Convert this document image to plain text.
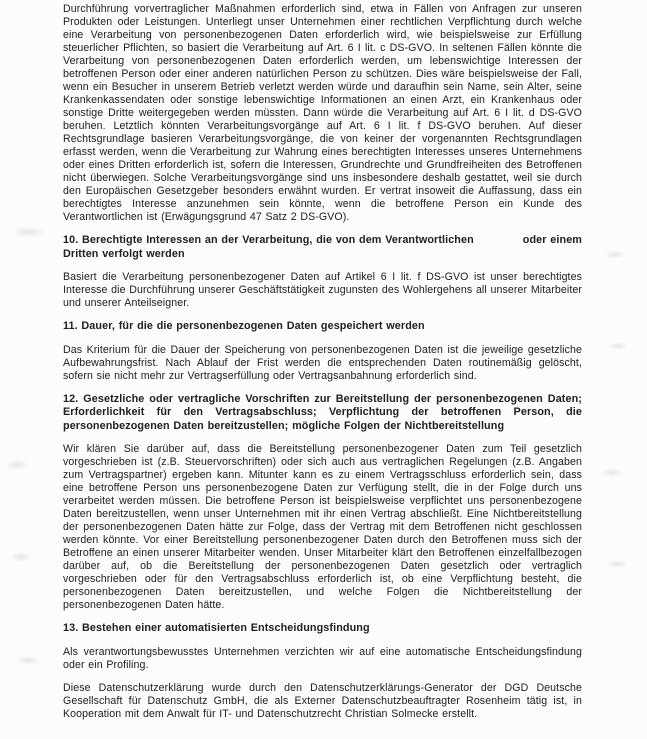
Durchführung vorvertraglicher Maßnahmen erforderlich sind, etwa in Fällen von Anfragen zur unseren Produkten oder Leistungen. Unterliegt unser Unternehmen einer rechtlichen Verpflichtung durch welche eine Verarbeitung von personenbezogenen Daten erforderlich wird, wie beispielsweise zur Erfüllung steuerlicher Pflichten, so basiert die Verarbeitung auf Art. 6 I lit. c DS-GVO. In seltenen Fällen könnte die Verarbeitung von personenbezogenen Daten erforderlich werden, um lebenswichtige Interessen der betroffenen Person oder einer anderen natürlichen Person zu schützen. Dies wäre beispielsweise der Fall, wenn ein Besucher in unserem Betrieb verletzt werden würde und daraufhin sein Name, sein Alter, seine Krankenkassendaten oder sonstige lebenswichtige Informationen an einen Arzt, ein Krankenhaus oder sonstige Dritte weitergegeben werden müssten. Dann würde die Verarbeitung auf Art. 6 I lit. d DS-GVO beruhen. Letztlich könnten Verarbeitungsvorgänge auf Art. 6 I lit. f DS-GVO beruhen. Auf dieser Rechtsgrundlage basieren Verarbeitungsvorgänge, die von keiner der vorgenannten Rechtsgrundlagen erfasst werden, wenn die Verarbeitung zur Wahrung eines berechtigten Interesses unseres Unternehmens oder eines Dritten erforderlich ist, sofern die Interessen, Grundrechte und Grundfreiheiten des Betroffenen nicht überwiegen. Solche Verarbeitungsvorgänge sind uns insbesondere deshalb gestattet, weil sie durch den Europäischen Gesetzgeber besonders erwähnt wurden. Er vertrat insoweit die Auffassung, dass ein berechtigtes Interesse anzunehmen sein könnte, wenn die betroffene Person ein Kunde des Verantwortlichen ist (Erwägungsgrund 47 Satz 2 DS-GVO).

10. Berechtigte Interessen an der Verarbeitung, die von dem Verantwortlichen	oder einem
Dritten verfolgt werden

Basiert die Verarbeitung personenbezogener Daten auf Artikel 6 I lit. f DS-GVO ist unser berechtigtes Interesse die Durchführung unserer Geschäftstätigkeit zugunsten des Wohlergehens all unserer Mitarbeiter und unserer Anteilseigner.

11. Dauer, für die die personenbezogenen Daten gespeichert werden

Das Kriterium für die Dauer der Speicherung von personenbezogenen Daten ist die jeweilige gesetzliche Aufbewahrungsfrist. Nach Ablauf der Frist werden die entsprechenden Daten routinemäßig gelöscht, sofern sie nicht mehr zur Vertragserfüllung oder Vertragsanbahnung erforderlich sind.

12. Gesetzliche oder vertragliche Vorschriften zur Bereitstellung der personenbezogenen Daten; Erforderlichkeit für den Vertragsabschluss; Verpflichtung der betroffenen Person, die personenbezogenen Daten bereitzustellen; mögliche Folgen der Nichtbereitstellung

Wir klären Sie darüber auf, dass die Bereitstellung personenbezogener Daten zum Teil gesetzlich vorgeschrieben ist (z.B. Steuervorschriften) oder sich auch aus vertraglichen Regelungen (z.B. Angaben zum Vertragspartner) ergeben kann. Mitunter kann es zu einem Vertragsschluss erforderlich sein, dass eine betroffene Person uns personenbezogene Daten zur Verfügung stellt, die in der Folge durch uns verarbeitet werden müssen. Die betroffene Person ist beispielsweise verpflichtet uns personenbezogene Daten bereitzustellen, wenn unser Unternehmen mit ihr einen Vertrag abschließt. Eine Nichtbereitstellung der personenbezogenen Daten hätte zur Folge, dass der Vertrag mit dem Betroffenen nicht geschlossen werden könnte. Vor einer Bereitstellung personenbezogener Daten durch den Betroffenen muss sich der Betroffene an einen unserer Mitarbeiter wenden. Unser Mitarbeiter klärt den Betroffenen einzelfallbezogen darüber auf, ob die Bereitstellung der personenbezogenen Daten gesetzlich oder vertraglich vorgeschrieben oder für den Vertragsabschluss erforderlich ist, ob eine Verpflichtung besteht, die personenbezogenen Daten bereitzustellen, und welche Folgen die Nichtbereitstellung der personenbezogenen Daten hätte.

13. Bestehen einer automatisierten Entscheidungsfindung

Als verantwortungsbewusstes Unternehmen verzichten wir auf eine automatische Entscheidungsfindung oder ein Profiling.

Diese Datenschutzerklärung wurde durch den Datenschutzerklärungs-Generator der DGD Deutsche Gesellschaft für Datenschutz GmbH, die als Externer Datenschutzbeauftragter Rosenheim tätig ist, in Kooperation mit dem Anwalt für IT- und Datenschutzrecht Christian Solmecke erstellt.
